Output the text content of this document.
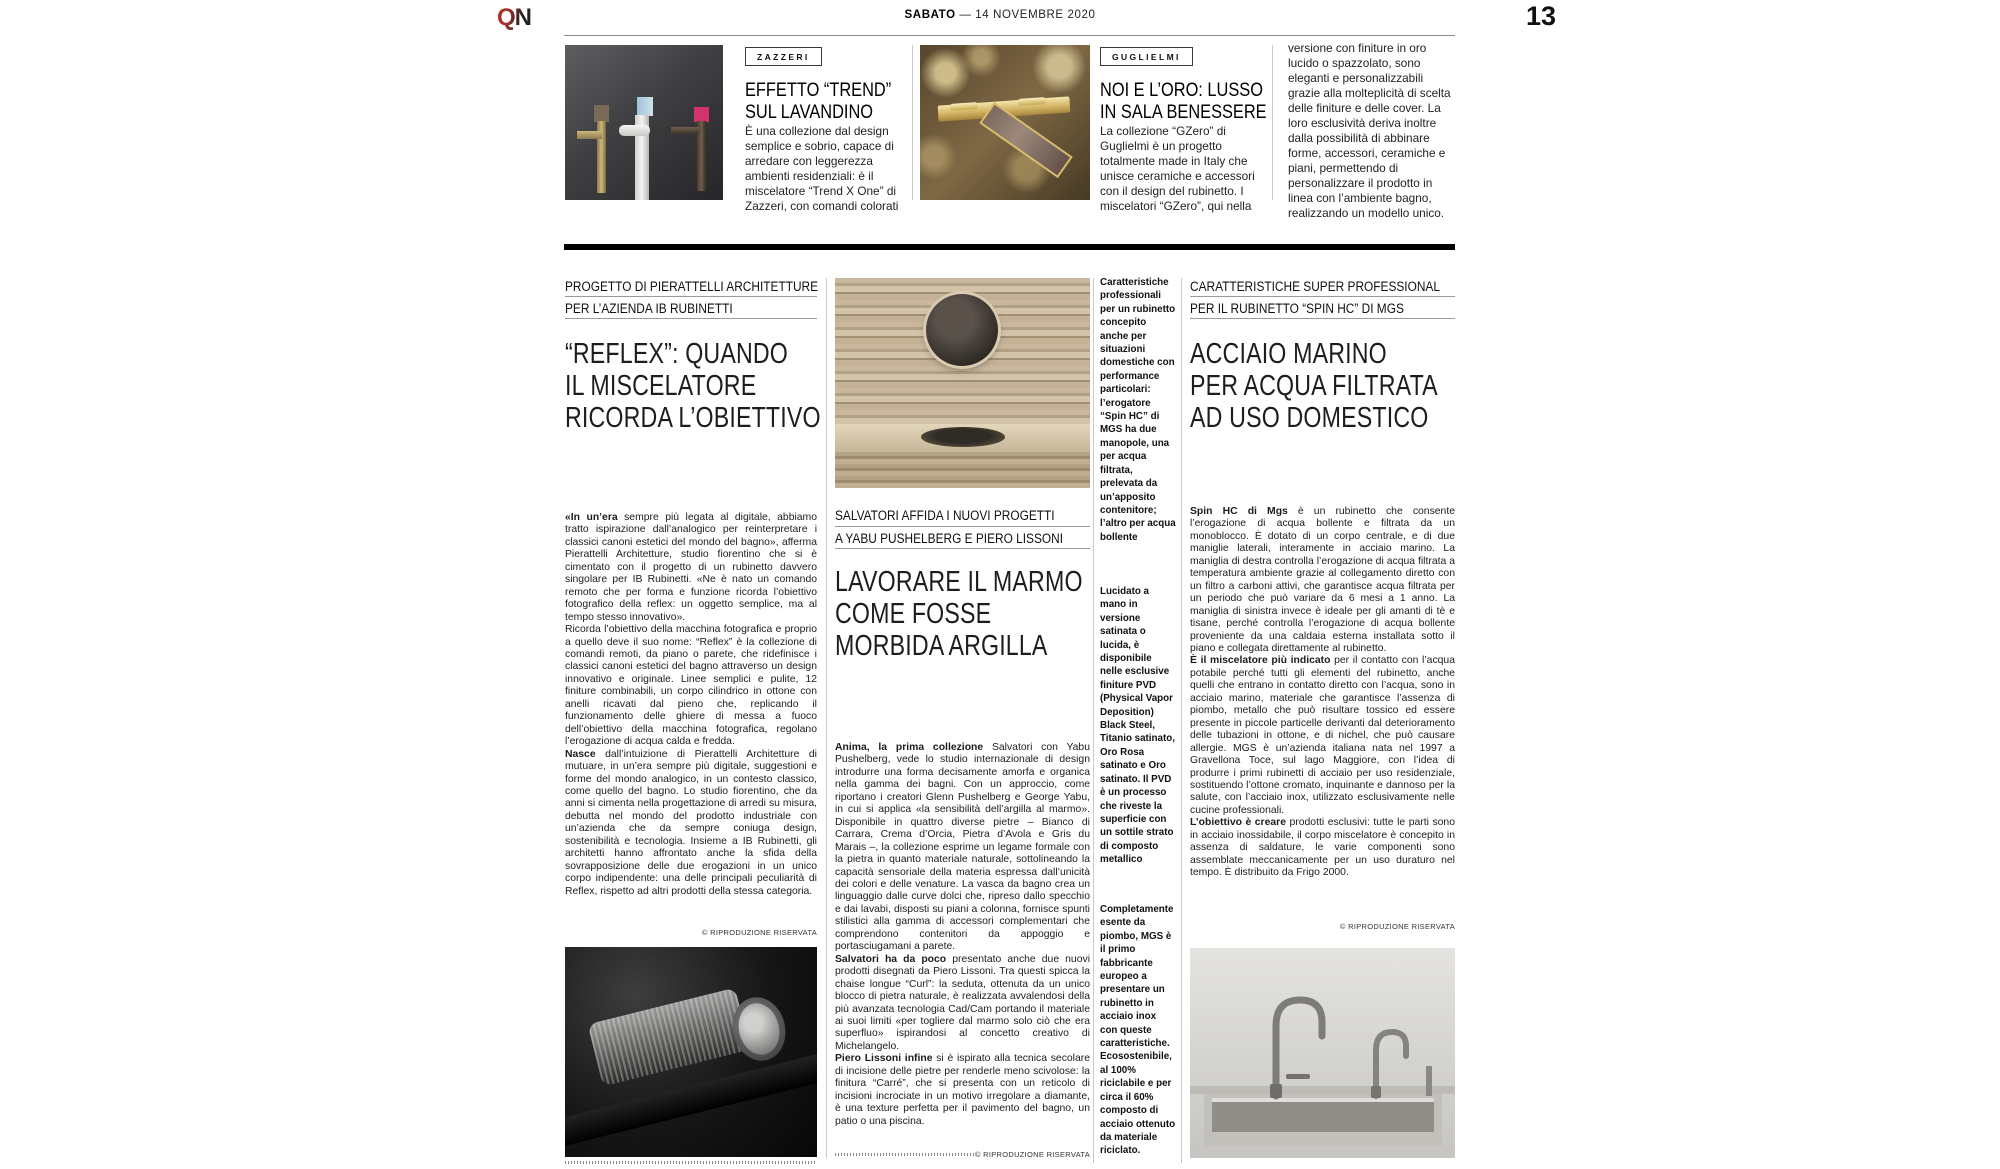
QN	SABATO — 14 NOVEMBRE 2020	13
ZAZZERI
EFFETTO “TREND”
SUL LAVANDINO
È una collezione dal design semplice e sobrio, capace di arredare con leggerezza ambienti residenziali: è il miscelatore “Trend X One” di Zazzeri, con comandi colorati
GUGLIELMI
NOI E L’ORO: LUSSO
IN SALA BENESSERE
La collezione “GZero” di Guglielmi è un progetto totalmente made in Italy che unisce ceramiche e accessori con il design del rubinetto. I miscelatori “GZero”, qui nella
versione con finiture in oro lucido o spazzolato, sono eleganti e personalizzabili grazie alla molteplicità di scelta delle finiture e delle cover. La loro esclusività deriva inoltre dalla possibilità di abbinare forme, accessori, ceramiche e piani, permettendo di personalizzare il prodotto in linea con l’ambiente bagno, realizzando un modello unico.
PROGETTO DI PIERATTELLI ARCHITETTURE
PER L’AZIENDA IB RUBINETTI
“REFLEX”: QUANDO
IL MISCELATORE
RICORDA L’OBIETTIVO

«In un’era sempre più legata al digitale, abbiamo tratto ispirazione dall’analogico per reinterpretare i classici canoni estetici del mondo del bagno», afferma Pierattelli Architetture, studio fiorentino che si è cimentato con il progetto di un rubinetto davvero singolare per IB Rubinetti. «Ne è nato un comando remoto che per forma e funzione ricorda l’obiettivo fotografico della reflex: un oggetto semplice, ma al tempo stesso innovativo».

Ricorda l’obiettivo della macchina fotografica e proprio a quello deve il suo nome: “Reflex” è la collezione di comandi remoti, da piano o parete, che ridefinisce i classici canoni estetici del bagno attraverso un design innovativo e originale. Linee semplici e pulite, 12 finiture combinabili, un corpo cilindrico in ottone con anelli ricavati dal pieno che, replicando il funzionamento delle ghiere di messa a fuoco dell’obiettivo della macchina fotografica, regolano l’erogazione di acqua calda e fredda.

Nasce dall’intuizione di Pierattelli Architetture di mutuare, in un’era sempre più digitale, suggestioni e forme del mondo analogico, in un contesto classico, come quello del bagno. Lo studio fiorentino, che da anni si cimenta nella progettazione di arredi su misura, debutta nel mondo del prodotto industriale con un’azienda che da sempre coniuga design, sostenibilità e tecnologia. Insieme a IB Rubinetti, gli architetti hanno affrontato anche la sfida della sovrapposizione delle due erogazioni in un unico corpo indipendente: una delle principali peculiarità di Reflex, rispetto ad altri prodotti della stessa categoria.

© RIPRODUZIONE RISERVATA
SALVATORI AFFIDA I NUOVI PROGETTI
A YABU PUSHELBERG E PIERO LISSONI
LAVORARE IL MARMO
COME FOSSE
MORBIDA ARGILLA

Anima, la prima collezione Salvatori con Yabu Pushelberg, vede lo studio internazionale di design introdurre una forma decisamente amorfa e organica nella gamma dei bagni. Con un approccio, come riportano i creatori Glenn Pushelberg e George Yabu, in cui si applica «la sensibilità dell’argilla al marmo». Disponibile in quattro diverse pietre – Bianco di Carrara, Crema d’Orcia, Pietra d’Avola e Gris du Marais –, la collezione esprime un legame formale con la pietra in quanto materiale naturale, sottolineando la capacità sensoriale della materia espressa dall’unicità dei colori e delle venature. La vasca da bagno crea un linguaggio dalle curve dolci che, ripreso dallo specchio e dai lavabi, disposti su piani a colonna, fornisce spunti stilistici alla gamma di accessori complementari che comprendono contenitori da appoggio e portasciugamani a parete.

Salvatori ha da poco presentato anche due nuovi prodotti disegnati da Piero Lissoni. Tra questi spicca la chaise longue “Curl”: la seduta, ottenuta da un unico blocco di pietra naturale, è realizzata avvalendosi della più avanzata tecnologia Cad/Cam portando il materiale ai suoi limiti «per togliere dal marmo solo ciò che era superfluo» ispirandosi al concetto creativo di Michelangelo.

Piero Lissoni infine si è ispirato alla tecnica secolare di incisione delle pietre per renderle meno scivolose: la finitura “Carré”, che si presenta con un reticolo di incisioni incrociate in un motivo irregolare a diamante, è una texture perfetta per il pavimento del bagno, un patio o una piscina.

© RIPRODUZIONE RISERVATA
Caratteristiche professionali per un rubinetto concepito anche per situazioni domestiche con performance particolari: l’erogatore “Spin HC” di MGS ha due manopole, una per acqua filtrata, prelevata da un’apposito contenitore; l’altro per acqua bollente
Lucidato a mano in versione satinata o lucida, è disponibile nelle esclusive finiture PVD (Physical Vapor Deposition) Black Steel, Titanio satinato, Oro Rosa satinato e Oro satinato. Il PVD è un processo che riveste la superficie con un sottile strato di composto metallico
Completamente esente da piombo, MGS è il primo fabbricante europeo a presentare un rubinetto in acciaio inox con queste caratteristiche. Ecosostenibile, al 100% riciclabile e per circa il 60% composto di acciaio ottenuto da materiale riciclato.
CARATTERISTICHE SUPER PROFESSIONAL
PER IL RUBINETTO “SPIN HC” DI MGS
ACCIAIO MARINO
PER ACQUA FILTRATA
AD USO DOMESTICO

Spin HC di Mgs è un rubinetto che consente l’erogazione di acqua bollente e filtrata da un monoblocco. È dotato di un corpo centrale, e di due maniglie laterali, interamente in acciaio marino. La maniglia di destra controlla l’erogazione di acqua filtrata a temperatura ambiente grazie al collegamento diretto con un filtro a carboni attivi, che garantisce acqua filtrata per un periodo che può variare da 6 mesi a 1 anno. La maniglia di sinistra invece è ideale per gli amanti di tè e tisane, perché controlla l’erogazione di acqua bollente proveniente da una caldaia esterna installata sotto il piano e collegata direttamente al rubinetto.

È il miscelatore più indicato per il contatto con l’acqua potabile perché tutti gli elementi del rubinetto, anche quelli che entrano in contatto diretto con l’acqua, sono in acciaio marino, materiale che garantisce l’assenza di piombo, metallo che può risultare tossico ed essere presente in piccole particelle derivanti dal deterioramento delle tubazioni in ottone, e di nichel, che può causare allergie. MGS è un’azienda italiana nata nel 1997 a Gravellona Toce, sul lago Maggiore, con l’idea di produrre i primi rubinetti di acciaio per uso residenziale, sostituendo l’ottone cromato, inquinante e dannoso per la salute, con l’acciaio inox, utilizzato esclusivamente nelle cucine professionali.

L’obiettivo è creare prodotti esclusivi: tutte le parti sono in acciaio inossidabile, il corpo miscelatore è concepito in assenza di saldature, le varie componenti sono assemblate meccanicamente per un uso duraturo nel tempo. È distribuito da Frigo 2000.

© RIPRODUZIONE RISERVATA
